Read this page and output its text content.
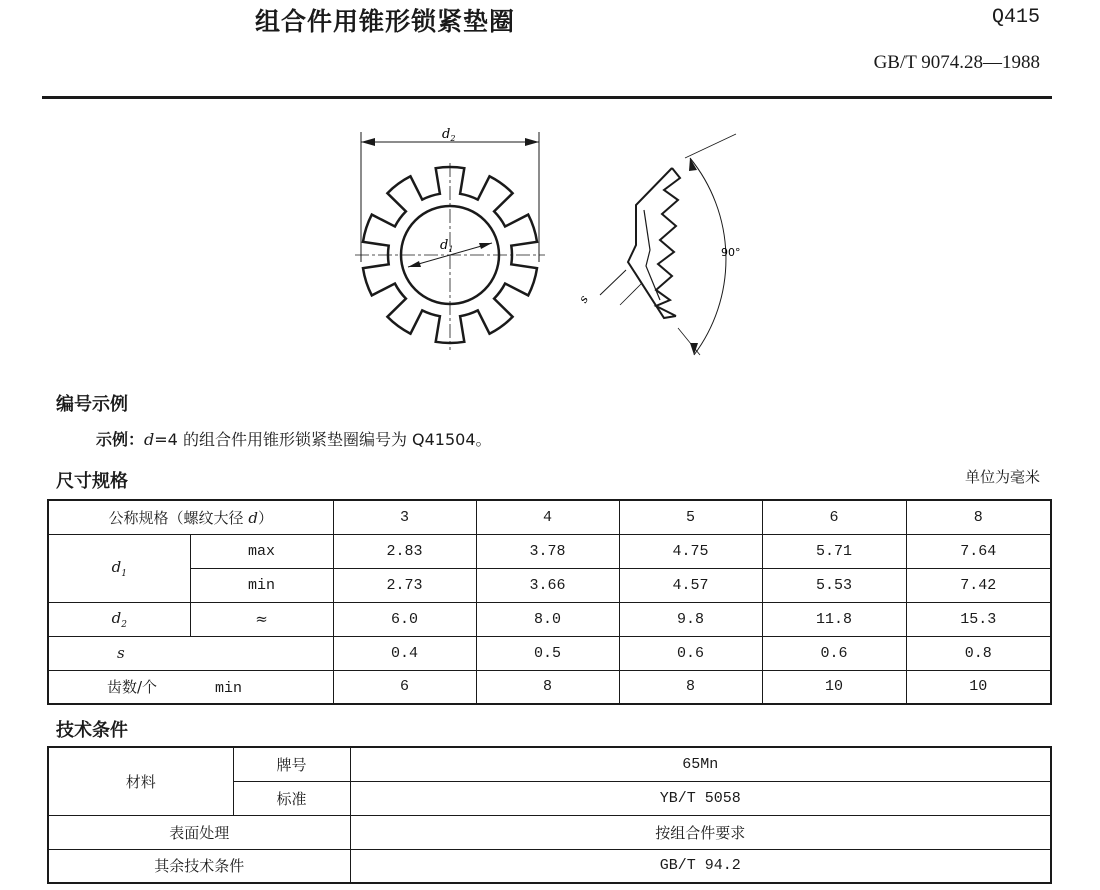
组合件用锥形锁紧垫圈	Q415
GB/T 9074.28—1988
$d_2$
$d_1$	90°
s
编号示例
示例：d=4 的组合件用锥形锁紧垫圈编号为 Q41504。
尺寸规格	单位为毫米
公称规格（螺纹大径 d）		3	4	5	6	8
$d_1$	max	2.83	3.78	4.75	5.71	7.64
	min	2.73	3.66	4.57	5.53	7.42
$d_2$	≈	6.0	8.0	9.8	11.8	15.3
s		0.4	0.5	0.6	0.6	0.8
齿数/个 min		6	8	8	10	10
技术条件
材料	牌号	65Mn
	标准	YB/T 5058
表面处理		按组合件要求
其余技术条件		GB/T 94.2
